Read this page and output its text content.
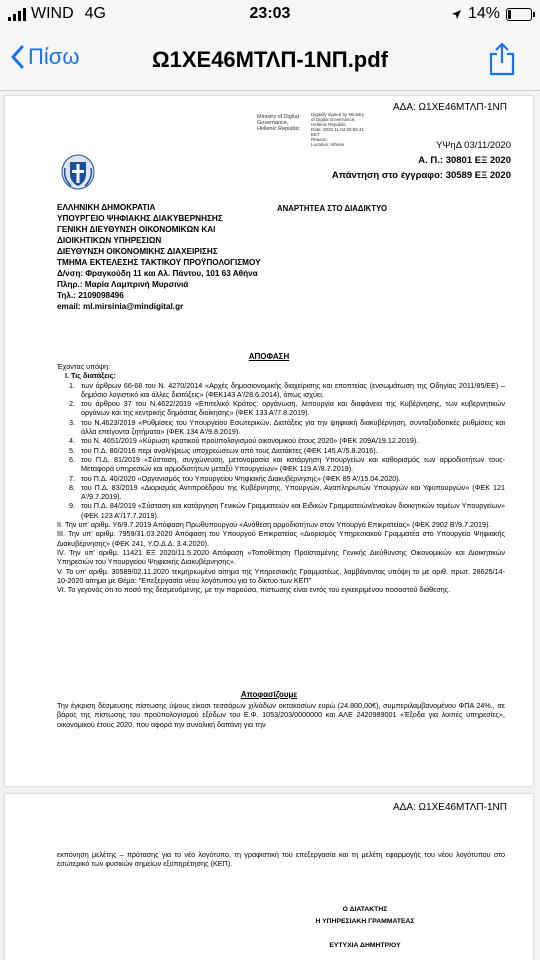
WIND 4G	23:03	14%
Πίσω	Ω1ΧΕ46ΜΤΛΠ-1ΝΠ.pdf
ΑΔΑ: Ω1ΧΕ46ΜΤΛΠ-1ΝΠ
Ministry of Digital
Governance,
Hellenic Republic
Digitally signed by Ministry
of Digital Governance,
Hellenic Republic
Date: 2020.11.04 08:55:41
EET
Reason:
Location: Athens	ΥΨηΔ 03/11/2020
Α. Π.: 30801 ΕΞ 2020
Απάντηση στο έγγραφο: 30589 ΕΞ 2020
ΑΝΑΡΤΗΤΕΑ ΣΤΟ ΔΙΑΔΙΚΤΥΟ
ΕΛΛΗΝΙΚΗ ΔΗΜΟΚΡΑΤΙΑ
ΥΠΟΥΡΓΕΙΟ ΨΗΦΙΑΚΗΣ ΔΙΑΚΥΒΕΡΝΗΣΗΣ
ΓΕΝΙΚΗ ΔΙΕΥΘΥΝΣΗ ΟΙΚΟΝΟΜΙΚΩΝ ΚΑΙ
ΔΙΟΙΚΗΤΙΚΩΝ ΥΠΗΡΕΣΙΩΝ
ΔΙΕΥΘΥΝΣΗ ΟΙΚΟΝΟΜΙΚΗΣ ΔΙΑΧΕΙΡΙΣΗΣ
ΤΜΗΜΑ ΕΚΤΕΛΕΣΗΣ ΤΑΚΤΙΚΟΥ ΠΡΟΫΠΟΛΟΓΙΣΜΟΥ
Δ/νση: Φραγκούδη 11 και Αλ. Πάντου, 101 63 Αθήνα
Πληρ.: Μαρία Λαμπρινή Μυρσινιά
Τηλ.: 2109098496
email: ml.mirsinia@mindigital.gr
ΑΠΟΦΑΣΗ
Έχοντας υπόψη:
I. Τις διατάξεις:
1. των άρθρων 66-68 του Ν. 4270/2014 «Αρχές δημοσιονομικής διαχείρισης και εποπτείας (ενσωμάτωση της Οδηγίας 2011/85/ΕΕ) – δημόσιο λογιστικό και άλλες διατάξεις» (ΦΕΚ143 Α'/28.6.2014), όπως ισχύει.
2. του άρθρου 37 του Ν.4622/2019 «Επιτελικό Κράτος: οργάνωση, λειτουργία και διαφάνεια της Κυβέρνησης, των κυβερνητικών οργάνων και της κεντρικής δημόσιας διοίκησης» (ΦΕΚ 133 Α'/7.8.2019).
3. του Ν.4623/2019 «Ρυθμίσεις του Υπουργείου Εσωτερικών, Διατάξεις για την ψηφιακή διακυβέρνηση, συνταξιοδοτικές ρυθμίσεις και άλλα επείγοντα ζητήματα» (ΦΕΚ 134 Α'/9.8.2019).
4. του Ν. 4651/2019 «Κύρωση κρατικού προϋπολογισμού οικονομικού έτους 2020» (ΦΕΚ 209Α/19.12.2019).
5. του Π.Δ. 80/2016 περί αναλήψεως υποχρεώσεων από τους Διατάκτες (ΦΕΚ 145 Α'/5.8.2016).
6. του Π.Δ. 81/2019 «Σύσταση, συγχώνευση, μετονομασία και κατάργηση Υπουργείων και καθορισμός των αρμοδιοτήτων τους-Μεταφορά υπηρεσιών και αρμοδιοτήτων μεταξύ Υπουργείων» (ΦΕΚ 119 Α'/8.7.2019).
7. του Π.Δ. 40/2020 «Οργανισμός του Υπουργείου Ψηφιακής Διακυβέρνησης» (ΦΕΚ 85 Α'/15.04.2020).
8. του Π.Δ. 83/2019 «Διορισμός Αντιπροέδρου της Κυβέρνησης, Υπουργών, Αναπληρωτών Υπουργών και Υφυπουργών» (ΦΕΚ 121 Α'/9.7.2019).
9. του Π.Δ. 84/2019 «Σύσταση και κατάργηση Γενικών Γραμματειών και Ειδικών Γραμματειών/ενιαίων διοικητικών τομέων Υπουργείων» (ΦΕΚ 123 Α'/17.7.2019).
II. Την υπ' αριθμ. Υ6/9.7.2019 Απόφαση Πρωθυπουργού «Ανάθεση αρμοδιοτήτων στον Υπουργό Επικρατείας» (ΦΕΚ 2902 Β'/9.7.2019).
III. Την υπ' αριθμ. 7959/31.03.2020 Απόφαση του Υπουργού Επικρατείας «Διορισμός Υπηρεσιακού Γραμματέα στο Υπουργείο Ψηφιακής Διακυβέρνησης» (ΦΕΚ 241, Υ.Ο.Δ.Δ. 3.4.2020).
IV. Την υπ' αριθμ. 11421 ΕΞ 2020/11.5.2020 Απόφαση «Τοποθέτηση Προϊσταμένης Γενικής Διεύθυνσης Οικονομικών και Διοικητικών Υπηρεσιών του Υπουργείου Ψηφιακής Διακυβέρνησης».
V. Το υπ' αριθμ. 30589/02.11.2020 τεκμηριωμένο αίτημα της Υπηρεσιακής Γραμματέως, λαμβάνοντας υπόψη το με αριθ. πρωτ. 28625/14-10-2020 αίτημα με Θέμα: "Επεξεργασία νέου λογότυπου για το δίκτυο των ΚΕΠ"
VI. Το γεγονός ότι το ποσό της δεσμευόμενης, με την παρούσα, πίστωσης είναι εντός του εγκεκριμένου ποσοστού διάθεσης.
Αποφασίζουμε
Την έγκριση δέσμευσης πίστωσης ύψους είκοσι τεσσάρων χιλιάδων οκτακοσίων ευρώ (24.800,00€), συμπεριλαμβανομένου ΦΠΑ 24%., σε βάρος της πίστωσης του προϋπολογισμού εξόδων του Ε.Φ. 1053/203/0000000 και ΑΛΕ 2420989001 «Έξοδα για λοιπές υπηρεσίες», οικονομικού έτους 2020, που αφορά την συνολική δαπάνη για την
ΑΔΑ: Ω1ΧΕ46ΜΤΛΠ-1ΝΠ
εκπόνηση μελέτης – πρότασης για το νέο λογότυπο, τη γραφιστική του επεξεργασία και τη μελέτη εφαρμογής του νέου λογότυπου στο εσωτερικό των φυσικών σημείων εξυπηρέτησης (ΚΕΠ).
Ο ΔΙΑΤΑΚΤΗΣ
Η ΥΠΗΡΕΣΙΑΚΗ ΓΡΑΜΜΑΤΕΑΣ
ΕΥΤΥΧΙΑ ΔΗΜΗΤΡΙΟΥ
